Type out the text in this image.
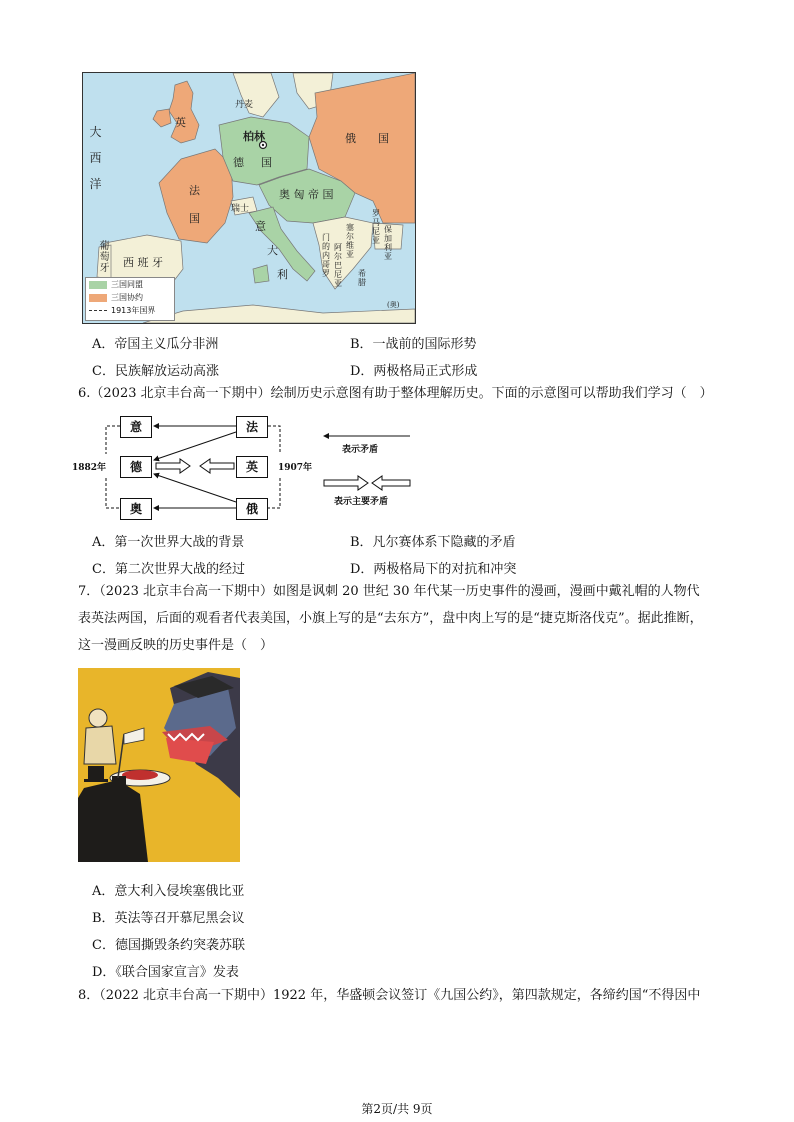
英
丹麦
柏林
德 国
俄　　国
法
国
奥 匈 帝 国
瑞士
意
大
利
西 班 牙
葡萄牙
大西洋
罗马尼亚
塞尔维亚
保加利亚
门的内哥罗
阿尔巴尼亚
希腊
(奥)
三国同盟
三国协约
1913年国界
A．帝国主义瓜分非洲	B．一战前的国际形势
C．民族解放运动高涨	D．两极格局正式形成
6.（2023 北京丰台高一下期中）绘制历史示意图有助于整体理解历史。下面的示意图可以帮助我们学习（　）
意
德
奥
法
英
俄
1882年	1907年
表示矛盾
表示主要矛盾
A．第一次世界大战的背景	B．凡尔赛体系下隐藏的矛盾
C．第二次世界大战的经过	D．两极格局下的对抗和冲突
7．（2023 北京丰台高一下期中）如图是讽刺 20 世纪 30 年代某一历史事件的漫画，漫画中戴礼帽的人物代
表英法两国，后面的观看者代表美国，小旗上写的是“去东方”，盘中肉上写的是“捷克斯洛伐克”。据此推断，
这一漫画反映的历史事件是（　）
A．意大利入侵埃塞俄比亚
B．英法等召开慕尼黑会议
C．德国撕毁条约突袭苏联
D．《联合国家宣言》发表
8．（2022 北京丰台高一下期中）1922 年，华盛顿会议签订《九国公约》，第四款规定，各缔约国“不得因中
第2页/共 9页
